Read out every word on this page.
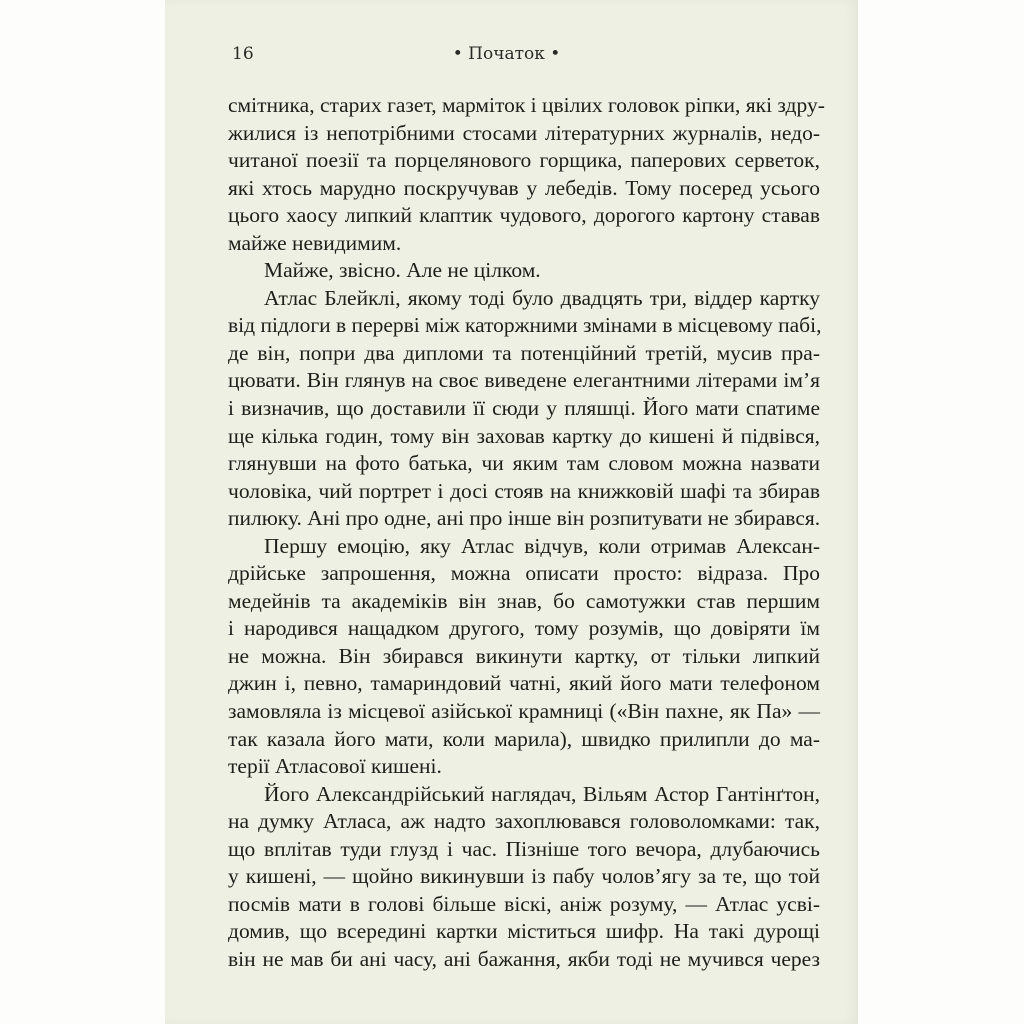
16	• Початок •
смітника, старих газет, марміток і цвілих головок ріпки, які здру-
жилися із непотрібними стосами літературних журналів, недо-
читаної поезії та порцелянового горщика, паперових серветок,
які хтось марудно поскручував у лебедів. Тому посеред усього
цього хаосу липкий клаптик чудового, дорогого картону ставав
майже невидимим.
Майже, звісно. Але не цілком.
Атлас Блейклі, якому тоді було двадцять три, віддер картку
від підлоги в перерві між каторжними змінами в місцевому пабі,
де він, попри два дипломи та потенційний третій, мусив пра-
цювати. Він глянув на своє виведене елегантними літерами ім’я
і визначив, що доставили її сюди у пляшці. Його мати спатиме
ще кілька годин, тому він заховав картку до кишені й підвівся,
глянувши на фото батька, чи яким там словом можна назвати
чоловіка, чий портрет і досі стояв на книжковій шафі та збирав
пилюку. Ані про одне, ані про інше він розпитувати не збирався.
Першу емоцію, яку Атлас відчув, коли отримав Алексан-
дрійське запрошення, можна описати просто: відраза. Про
медейнів та академіків він знав, бо самотужки став першим
і народився нащадком другого, тому розумів, що довіряти їм
не можна. Він збирався викинути картку, от тільки липкий
джин і, певно, тамариндовий чатні, який його мати телефоном
замовляла із місцевої азійської крамниці («Він пахне, як Па» —
так казала його мати, коли марила), швидко прилипли до ма-
терії Атласової кишені.
Його Александрійський наглядач, Вільям Астор Гантінґтон,
на думку Атласа, аж надто захоплювався головоломками: так,
що вплітав туди глузд і час. Пізніше того вечора, длубаючись
у кишені, — щойно викинувши із пабу чолов’ягу за те, що той
посмів мати в голові більше віскі, аніж розуму, — Атлас усві-
домив, що всередині картки міститься шифр. На такі дурощі
він не мав би ані часу, ані бажання, якби тоді не мучився через
